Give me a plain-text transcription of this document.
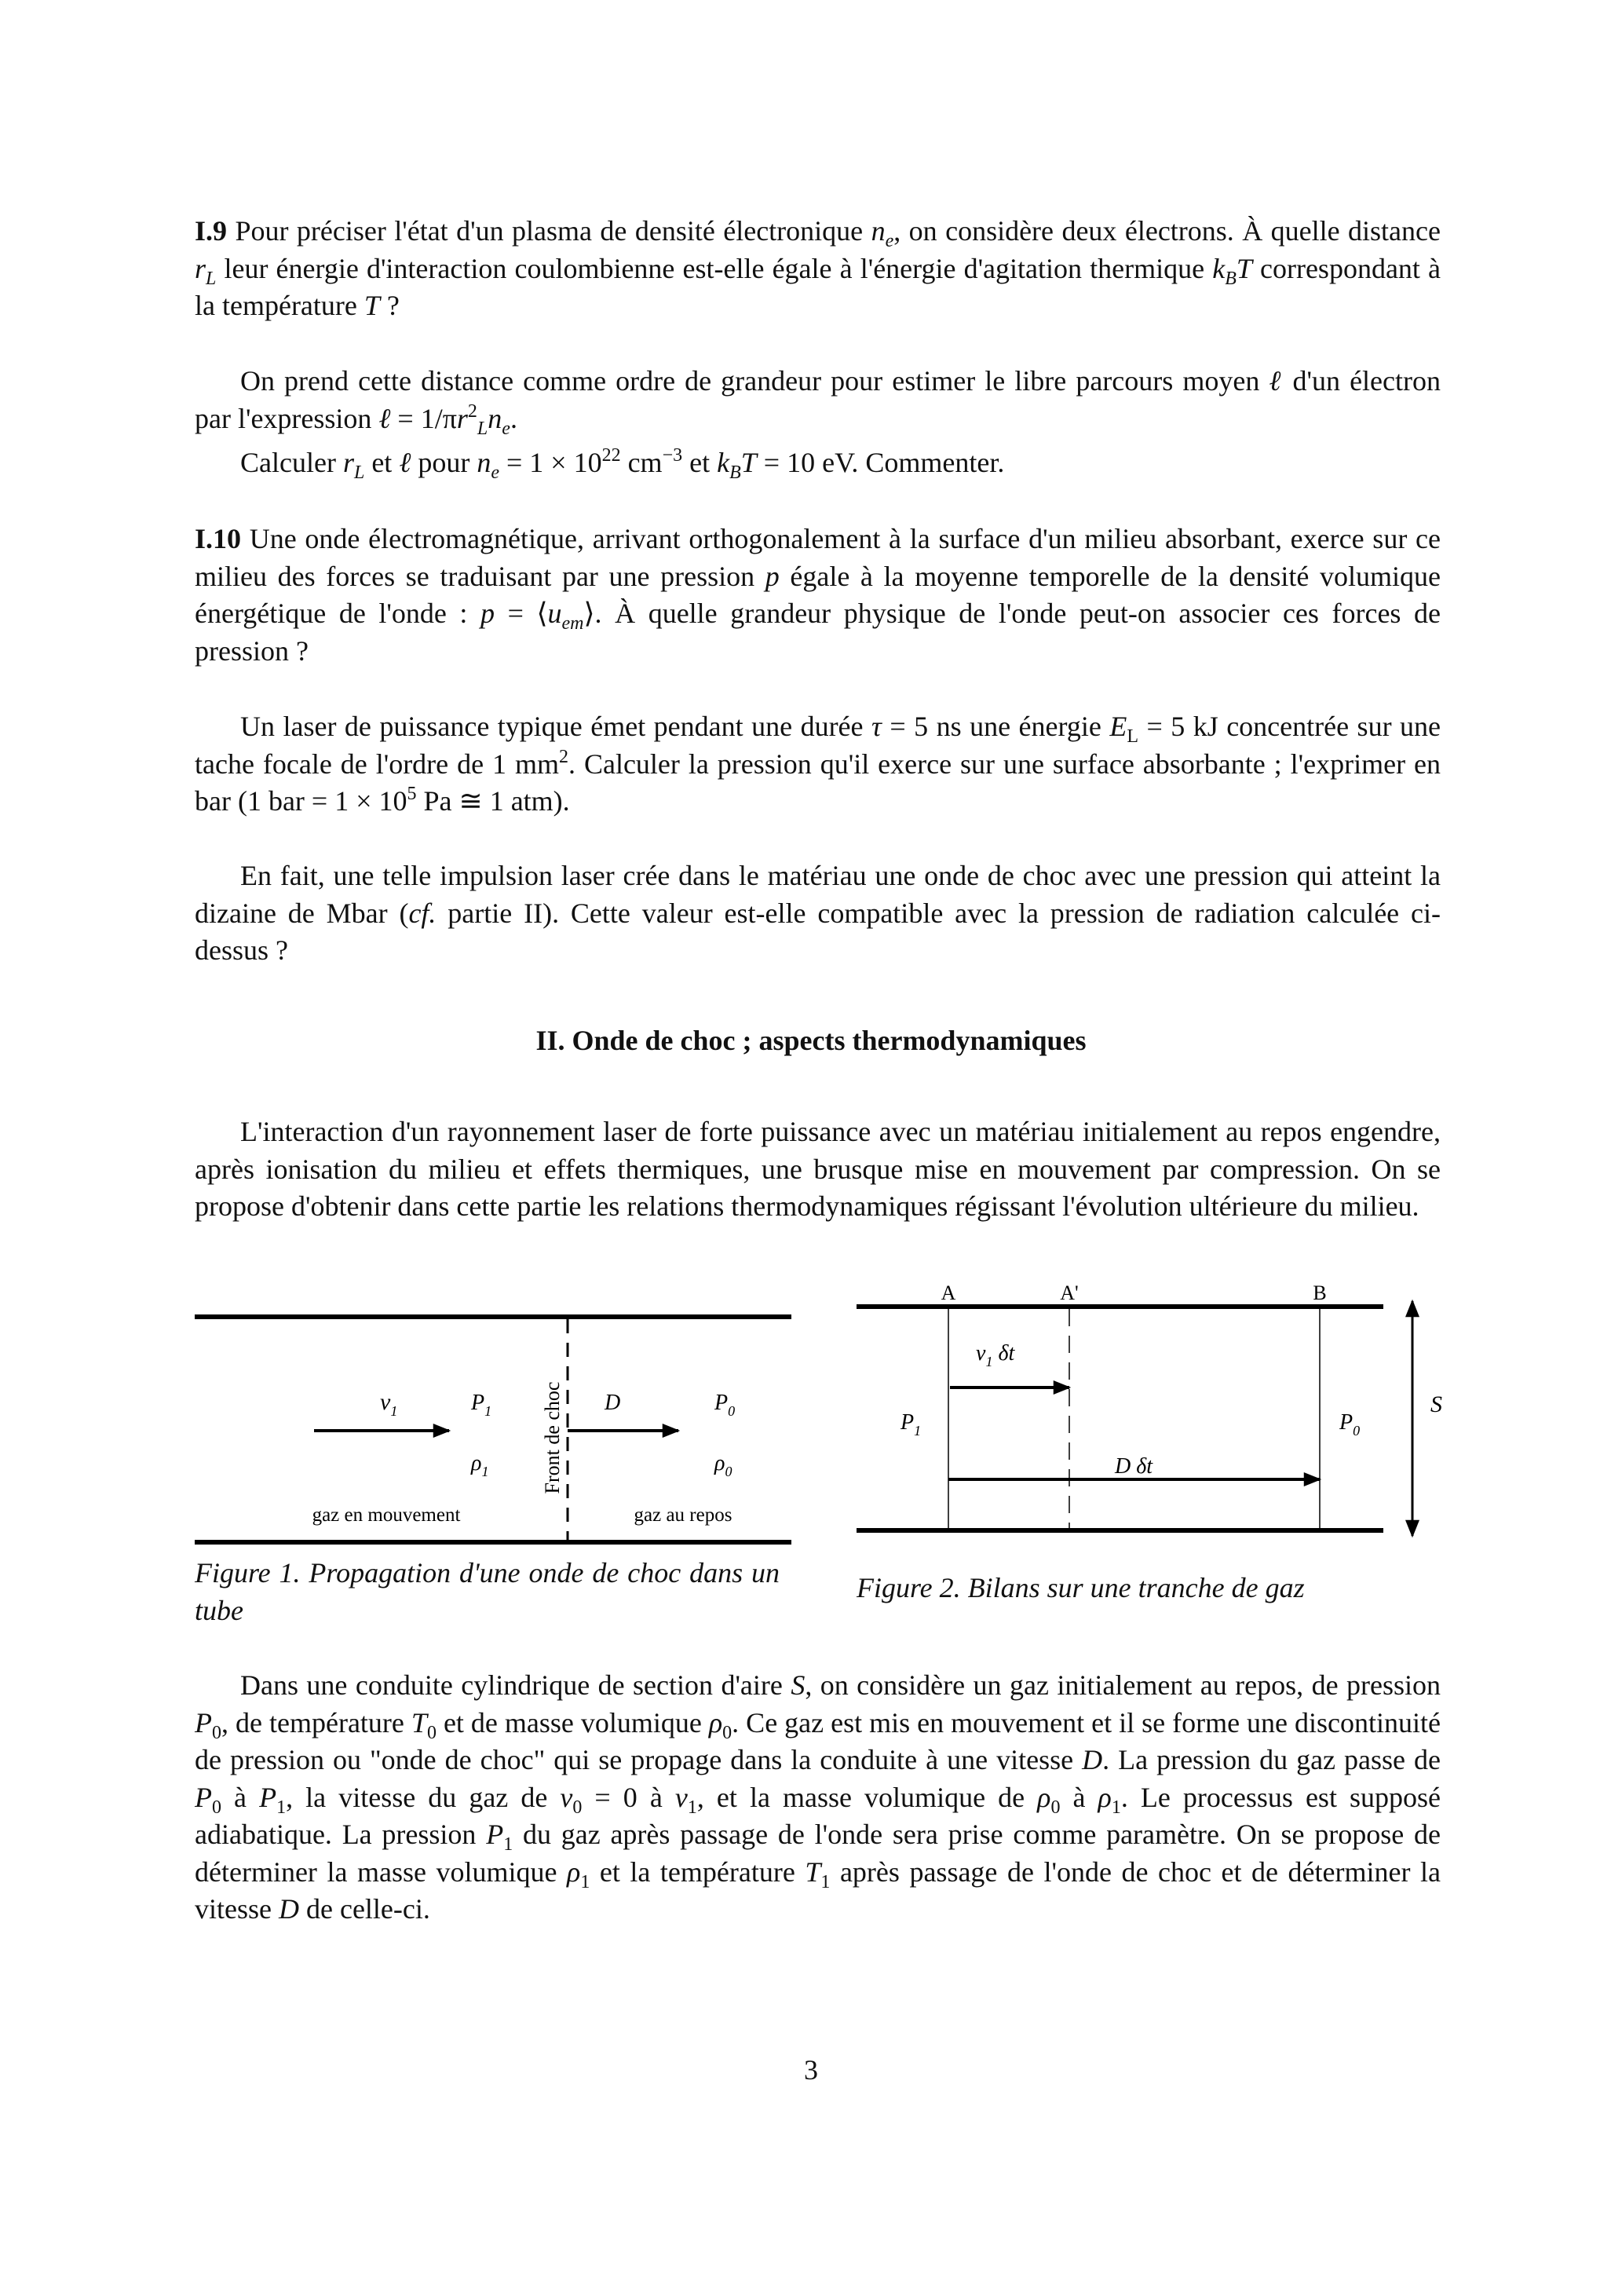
I.9 Pour préciser l'état d'un plasma de densité électronique $n_e$, on considère deux électrons. À quelle distance $r_L$ leur énergie d'interaction coulombienne est-elle égale à l'énergie d'agitation thermique $k_BT$ correspondant à la température T ?

On prend cette distance comme ordre de grandeur pour estimer le libre parcours moyen ℓ d'un électron par l'expression ℓ = $1/\pi r^2_Ln_e$.

Calculer $r_L$ et ℓ pour $n_e = 1 \times 10^{22}$ $cm^{-3}$ et $k_BT = 10$ eV. Commenter.

I.10 Une onde électromagnétique, arrivant orthogonalement à la surface d'un milieu absorbant, exerce sur ce milieu des forces se traduisant par une pression p égale à la moyenne temporelle de la densité volumique énergétique de l'onde : $p = ⟨u_{em}⟩$. À quelle grandeur physique de l'onde peut-on associer ces forces de pression ?

Un laser de puissance typique émet pendant une durée τ = 5 ns une énergie $E_L = 5$ kJ concentrée sur une tache focale de l'ordre de 1 $mm^2$. Calculer la pression qu'il exerce sur une surface absorbante ; l'exprimer en bar (1 bar = $1 \times 10^5$ Pa ≅ 1 atm).

En fait, une telle impulsion laser crée dans le matériau une onde de choc avec une pression qui atteint la dizaine de Mbar (cf. partie II). Cette valeur est-elle compatible avec la pression de radiation calculée ci-dessus ?

II. Onde de choc ; aspects thermodynamiques

L'interaction d'un rayonnement laser de forte puissance avec un matériau initialement au repos engendre, après ionisation du milieu et effets thermiques, une brusque mise en mouvement par compression. On se propose d'obtenir dans cette partie les relations thermodynamiques régissant l'évolution ultérieure du milieu.

$v_1$	$P_1$
$\rho_1$	Front de choc D	$P_0$
$\rho_0$
gaz en mouvement	gaz au repos
A	A'	B
$v_1$ δt
$P_1$	$P_0$
D δt
S
Figure 1. Propagation d'une onde de choc dans un tube
Figure 2. Bilans sur une tranche de gaz

Dans une conduite cylindrique de section d'aire S, on considère un gaz initialement au repos, de pression $P_0$, de température $T_0$ et de masse volumique $\rho_0$. Ce gaz est mis en mouvement et il se forme une discontinuité de pression ou "onde de choc" qui se propage dans la conduite à une vitesse D. La pression du gaz passe de $P_0$ à $P_1$, la vitesse du gaz de $v_0 = 0$ à $v_1$, et la masse volumique de $\rho_0$ à $\rho_1$. Le processus est supposé adiabatique. La pression $P_1$ du gaz après passage de l'onde sera prise comme paramètre. On se propose de déterminer la masse volumique $\rho_1$ et la température $T_1$ après passage de l'onde de choc et de déterminer la vitesse D de celle-ci.

3
